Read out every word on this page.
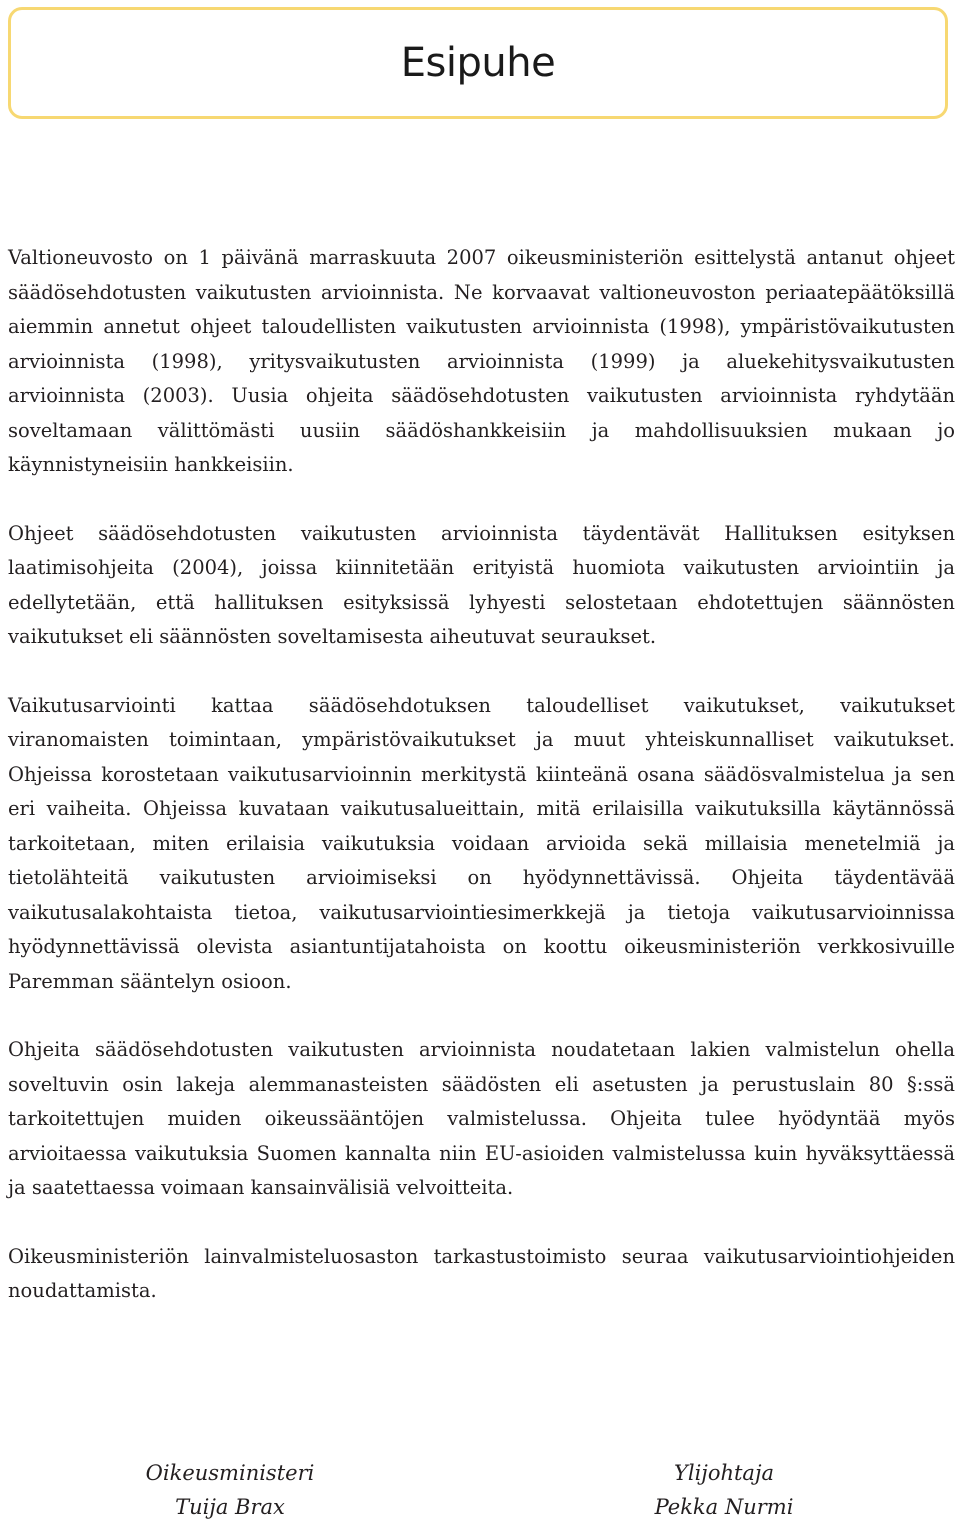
Esipuhe

Valtioneuvosto on 1 päivänä marraskuuta 2007 oikeusministeriön esittelystä antanut ohjeet säädösehdotusten vaikutusten arvioinnista. Ne korvaavat valtioneuvoston periaatepäätöksillä aiemmin annetut ohjeet taloudellisten vaikutusten arvioinnista (1998), ympäristövaikutusten arvioinnista (1998), yritysvaikutusten arvioinnista (1999) ja aluekehitysvaikutusten arvioinnista (2003). Uusia ohjeita säädösehdotusten vaikutusten arvioinnista ryhdytään soveltamaan välittömästi uusiin säädöshankkeisiin ja mahdollisuuksien mukaan jo käynnistyneisiin hankkeisiin.

Ohjeet säädösehdotusten vaikutusten arvioinnista täydentävät Hallituksen esityksen laatimisohjeita (2004), joissa kiinnitetään erityistä huomiota vaikutusten arviointiin ja edellytetään, että hallituksen esityksissä lyhyesti selostetaan ehdotettujen säännösten vaikutukset eli säännösten soveltamisesta aiheutuvat seuraukset.

Vaikutusarviointi kattaa säädösehdotuksen taloudelliset vaikutukset, vaikutukset viranomaisten toimintaan, ympäristövaikutukset ja muut yhteiskunnalliset vaikutukset. Ohjeissa korostetaan vaikutusarvioinnin merkitystä kiinteänä osana säädösvalmistelua ja sen eri vaiheita. Ohjeissa kuvataan vaikutusalueittain, mitä erilaisilla vaikutuksilla käytännössä tarkoitetaan, miten erilaisia vaikutuksia voidaan arvioida sekä millaisia menetelmiä ja tietolähteitä vaikutusten arvioimiseksi on hyödynnettävissä. Ohjeita täydentävää vaikutusalakohtaista tietoa, vaikutusarviointiesimerkkejä ja tietoja vaikutusarvioinnissa hyödynnettävissä olevista asiantuntijatahoista on koottu oikeusministeriön verkkosivuille Paremman sääntelyn osioon.

Ohjeita säädösehdotusten vaikutusten arvioinnista noudatetaan lakien valmistelun ohella soveltuvin osin lakeja alemmanasteisten säädösten eli asetusten ja perustuslain 80 §:ssä tarkoitettujen muiden oikeussääntöjen valmistelussa. Ohjeita tulee hyödyntää myös arvioitaessa vaikutuksia Suomen kannalta niin EU-asioiden valmistelussa kuin hyväksyttäessä ja saatettaessa voimaan kansainvälisiä velvoitteita.

Oikeusministeriön lainvalmisteluosaston tarkastustoimisto seuraa vaikutusarviointiohjeiden noudattamista.

Oikeusministeri
Tuija Brax
Ylijohtaja
Pekka Nurmi
